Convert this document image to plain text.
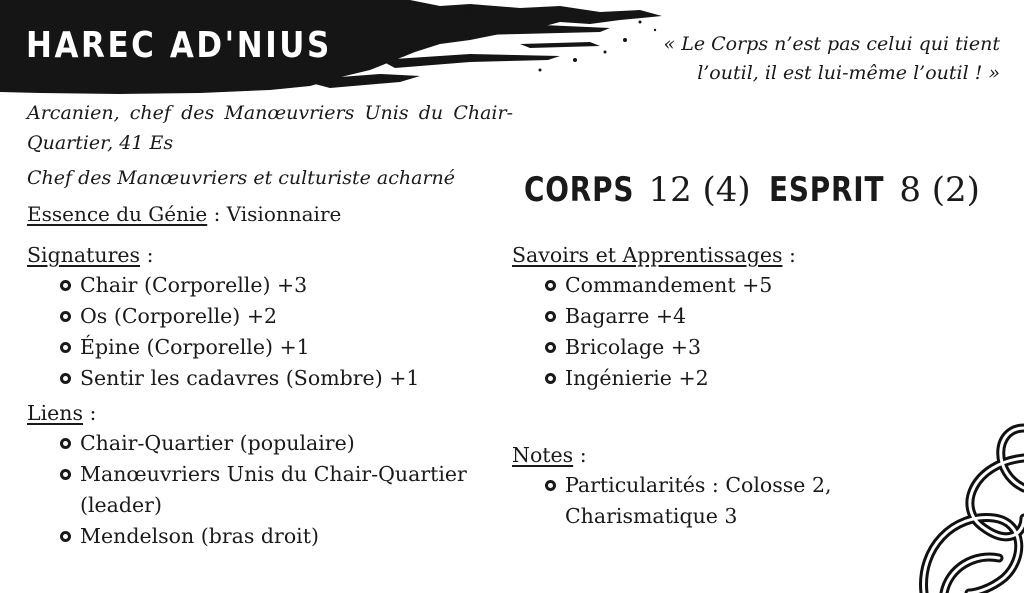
HAREC AD'NIUS	« Le Corps n’est pas celui qui tient l’outil, il est lui-même l’outil ! »
Arcanien, chef des Manœuvriers Unis du Chair-Quartier, 41 Es
Chef des Manœuvriers et culturiste acharné
Essence du Génie : Visionnaire
CORPS 12 (4) ESPRIT 8 (2)
Signatures :
Chair (Corporelle) +3
Os (Corporelle) +2
Épine (Corporelle) +1
Sentir les cadavres (Sombre) +1
Liens :
Chair-Quartier (populaire)
Manœuvriers Unis du Chair-Quartier (leader)
Mendelson (bras droit)
Savoirs et Apprentissages :
Commandement +5
Bagarre +4
Bricolage +3
Ingénierie +2
Notes :
Particularités : Colosse 2, Charismatique 3
